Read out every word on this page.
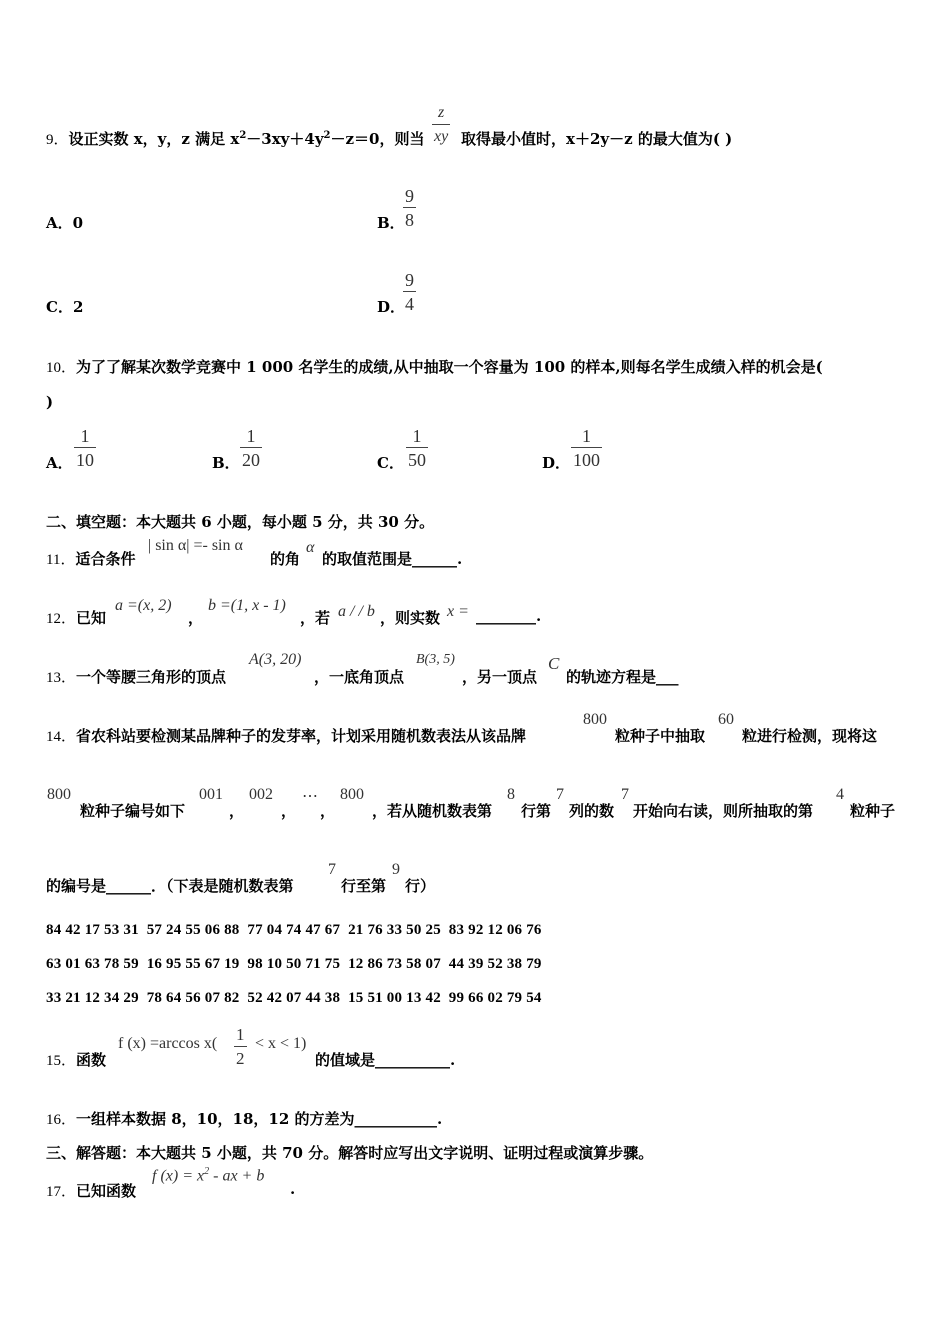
9．设正实数 x，y，z 满足 $x^2-3xy+4y^2-z=0$，则当 $\frac{z}{xy}$ 取得最小值时，x＋2y－z 的最大值为( )
A．0	B．
$\frac{9}{8}$
C．2	D．
$\frac{9}{4}$
10．为了了解某次数学竞赛中 1 000 名学生的成绩,从中抽取一个容量为 100 的样本,则每名学生成绩入样的机会是(
)
A． $\frac{1}{10}$	B． $\frac{1}{20}$	C． $\frac{1}{50}$	D． $\frac{1}{100}$
二、填空题：本大题共 6 小题，每小题 5 分，共 30 分。
11．适合条件
| sin α| =- sin α
的角
α
的取值范围是______.
12．已知
a =(x, 2)
，
b =(1, x - 1)
，若 a / / b ，则实数 x = ________.
13．一个等腰三角形的顶点
A(3, 20)
，一底角顶点
B(3, 5)
，另一顶点
C
的轨迹方程是___
14．省农科站要检测某品牌种子的发芽率，计划采用随机数表法从该品牌
800
粒种子中抽取
60
粒进行检测，现将这
800
粒种子编号如下
001
，
002
，
⋯
，
800
，若从随机数表第
8
行第
7
列的数
7
开始向右读，则所抽取的第
4
粒种子
的编号是______．（下表是随机数表第
7
行至第
9
行）
84 42 17 53 31  57 24 55 06 88  77 04 74 47 67  21 76 33 50 25  83 92 12 06 76
63 01 63 78 59  16 95 55 67 19  98 10 50 71 75  12 86 73 58 07  44 39 52 38 79
33 21 12 34 29  78 64 56 07 82  52 42 07 44 38  15 51 00 13 42  99 66 02 79 54
15．函数
f (x) =arccos $x( \frac{1}{2} < x < 1)$
的值域是__________.
16．一组样本数据 8，10，18，12 的方差为___________.
三、解答题：本大题共 5 小题，共 70 分。解答时应写出文字说明、证明过程或演算步骤。
17．已知函数
f $(x) = x^2$ - ax + b
.
